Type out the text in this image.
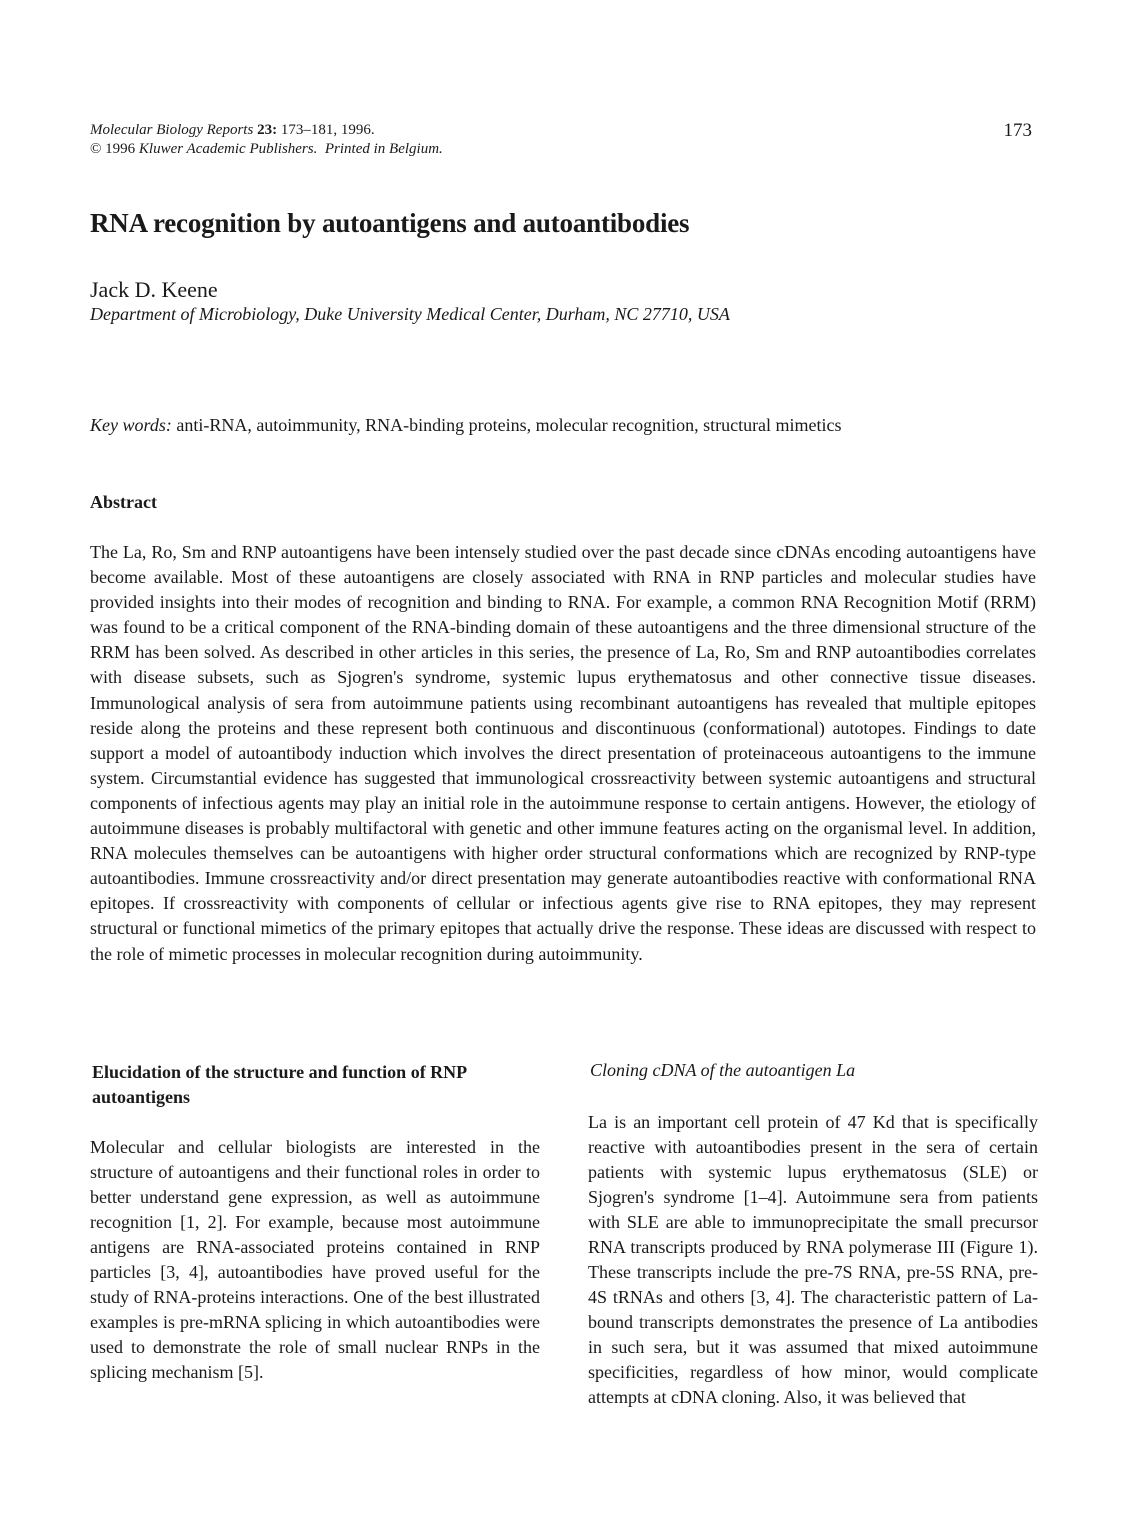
Molecular Biology Reports 23: 173–181, 1996.
© 1996 Kluwer Academic Publishers. Printed in Belgium.
173
RNA recognition by autoantigens and autoantibodies
Jack D. Keene
Department of Microbiology, Duke University Medical Center, Durham, NC 27710, USA
Key words: anti-RNA, autoimmunity, RNA-binding proteins, molecular recognition, structural mimetics
Abstract

The La, Ro, Sm and RNP autoantigens have been intensely studied over the past decade since cDNAs encoding autoantigens have become available. Most of these autoantigens are closely associated with RNA in RNP particles and molecular studies have provided insights into their modes of recognition and binding to RNA. For example, a common RNA Recognition Motif (RRM) was found to be a critical component of the RNA-binding domain of these autoantigens and the three dimensional structure of the RRM has been solved. As described in other articles in this series, the presence of La, Ro, Sm and RNP autoantibodies correlates with disease subsets, such as Sjogren's syndrome, systemic lupus erythematosus and other connective tissue diseases. Immunological analysis of sera from autoimmune patients using recombinant autoantigens has revealed that multiple epitopes reside along the proteins and these represent both continuous and discontinuous (conformational) autotopes. Findings to date support a model of autoantibody induction which involves the direct presentation of proteinaceous autoantigens to the immune system. Circumstantial evidence has suggested that immunological crossreactivity between systemic autoantigens and structural components of infectious agents may play an initial role in the autoimmune response to certain antigens. However, the etiology of autoimmune diseases is probably multifactoral with genetic and other immune features acting on the organismal level. In addition, RNA molecules themselves can be autoantigens with higher order structural conformations which are recognized by RNP-type autoantibodies. Immune crossreactivity and/or direct presentation may generate autoantibodies reactive with conformational RNA epitopes. If crossreactivity with components of cellular or infectious agents give rise to RNA epitopes, they may represent structural or functional mimetics of the primary epitopes that actually drive the response. These ideas are discussed with respect to the role of mimetic processes in molecular recognition during autoimmunity.

Elucidation of the structure and function of RNP autoantigens

Molecular and cellular biologists are interested in the structure of autoantigens and their functional roles in order to better understand gene expression, as well as autoimmune recognition [1, 2]. For example, because most autoimmune antigens are RNA-associated proteins contained in RNP particles [3, 4], autoantibodies have proved useful for the study of RNA-proteins interactions. One of the best illustrated examples is pre-mRNA splicing in which autoantibodies were used to demonstrate the role of small nuclear RNPs in the splicing mechanism [5].

Cloning cDNA of the autoantigen La

La is an important cell protein of 47 Kd that is specifically reactive with autoantibodies present in the sera of certain patients with systemic lupus erythematosus (SLE) or Sjogren's syndrome [1–4]. Autoimmune sera from patients with SLE are able to immunoprecipitate the small precursor RNA transcripts produced by RNA polymerase III (Figure 1). These transcripts include the pre-7S RNA, pre-5S RNA, pre-4S tRNAs and others [3, 4]. The characteristic pattern of La-bound transcripts demonstrates the presence of La antibodies in such sera, but it was assumed that mixed autoimmune specificities, regardless of how minor, would complicate attempts at cDNA cloning. Also, it was believed that
